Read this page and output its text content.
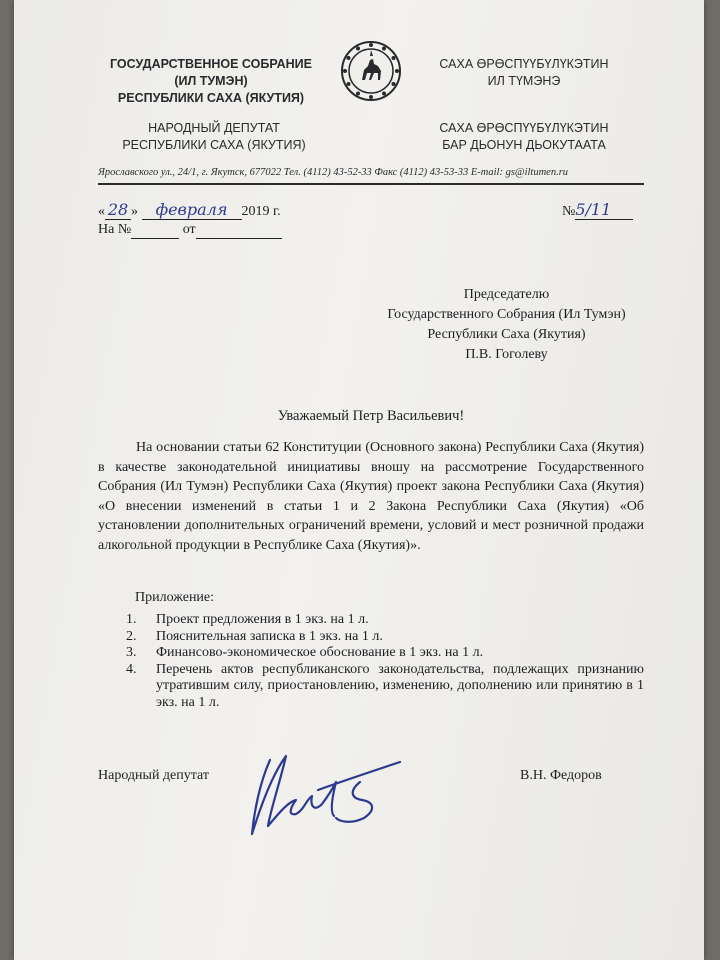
ГОСУДАРСТВЕННОЕ СОБРАНИЕ
(ИЛ ТУМЭН)
РЕСПУБЛИКИ САХА (ЯКУТИЯ)
НАРОДНЫЙ ДЕПУТАТ
РЕСПУБЛИКИ САХА (ЯКУТИЯ)
САХА ӨРӨСПҮҮБҮЛҮКЭТИН
ИЛ ТҮМЭНЭ
САХА ӨРӨСПҮҮБҮЛҮКЭТИН
БАР ДЬОНУН ДЬОКУТААТА
Ярославского ул., 24/1, г. Якутск, 677022 Тел. (4112) 43-52-33 Факс (4112) 43-53-33 E-mail: gs@iltumen.ru
« 28 » февраля 2019 г.	№5/11
На №	от
Председателю
Государственного Собрания (Ил Тумэн)
Республики Саха (Якутия)
П.В. Гоголеву
Уважаемый Петр Васильевич!
На основании статьи 62 Конституции (Основного закона) Республики Саха (Якутия) в качестве законодательной инициативы вношу на рассмотрение Государственного Собрания (Ил Тумэн) Республики Саха (Якутия) проект закона Республики Саха (Якутия) «О внесении изменений в статьи 1 и 2 Закона Республики Саха (Якутия) «Об установлении дополнительных ограничений времени, условий и мест розничной продажи алкогольной продукции в Республике Саха (Якутия)».
Приложение:
1.	Проект предложения в 1 экз. на 1 л.
2.	Пояснительная записка в 1 экз. на 1 л.
3.	Финансово-экономическое обоснование в 1 экз. на 1 л.
4.	Перечень актов республиканского законодательства, подлежащих признанию утратившим силу, приостановлению, изменению, дополнению или принятию в 1 экз. на 1 л.
Народный депутат	В.Н. Федоров
